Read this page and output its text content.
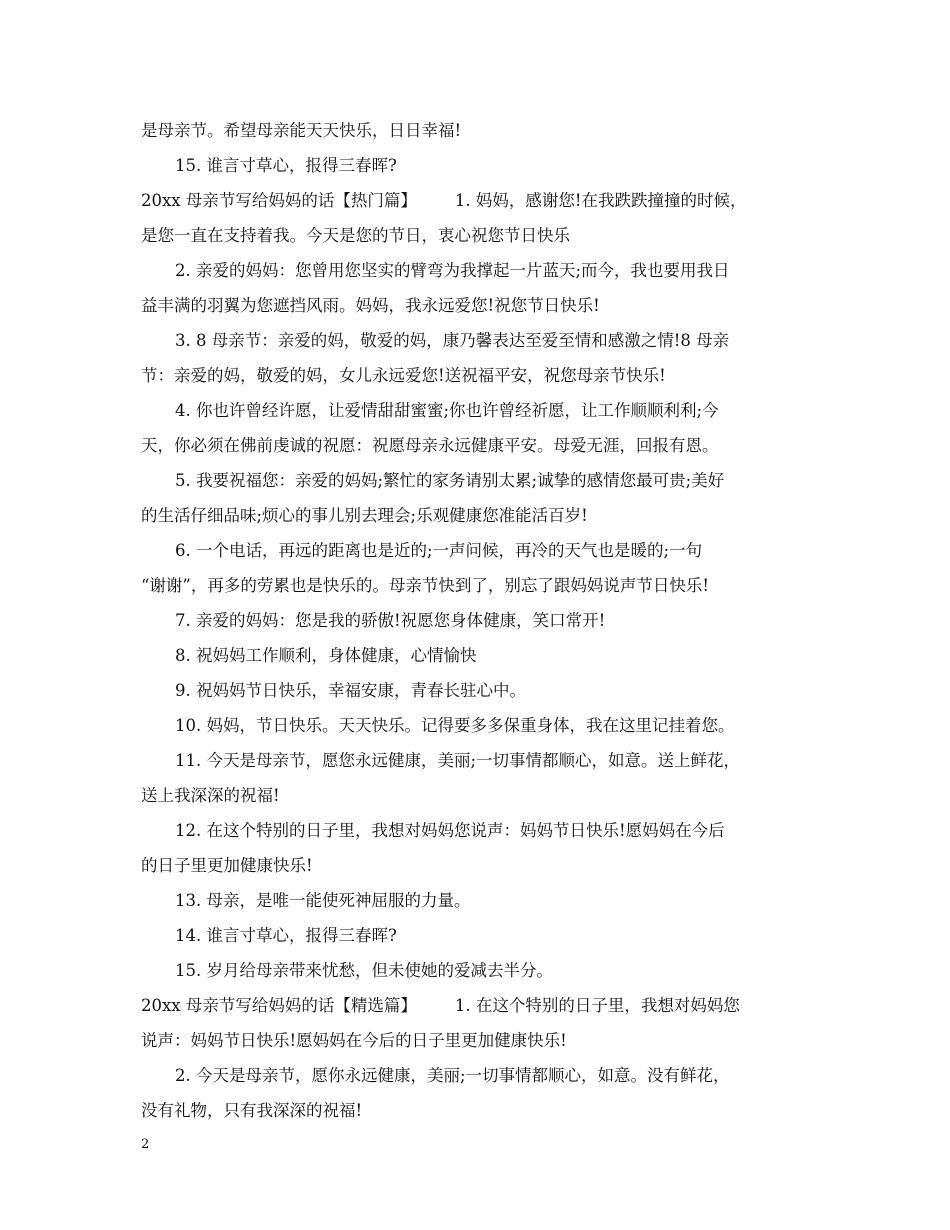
是母亲节。希望母亲能天天快乐，日日幸福!

15. 谁言寸草心，报得三春晖?

20xx 母亲节写给妈妈的话【热门篇】 1. 妈妈，感谢您!在我跌跌撞撞的时候，

是您一直在支持着我。今天是您的节日，衷心祝您节日快乐

2. 亲爱的妈妈：您曾用您坚实的臂弯为我撑起一片蓝天;而今，我也要用我日

益丰满的羽翼为您遮挡风雨。妈妈，我永远爱您!祝您节日快乐!

3. 8 母亲节：亲爱的妈，敬爱的妈，康乃馨表达至爱至情和感激之情!8 母亲

节：亲爱的妈，敬爱的妈，女儿永远爱您!送祝福平安，祝您母亲节快乐!

4. 你也许曾经许愿，让爱情甜甜蜜蜜;你也许曾经祈愿，让工作顺顺利利;今

天，你必须在佛前虔诚的祝愿：祝愿母亲永远健康平安。母爱无涯，回报有恩。

5. 我要祝福您：亲爱的妈妈;繁忙的家务请别太累;诚挚的感情您最可贵;美好

的生活仔细品味;烦心的事儿别去理会;乐观健康您准能活百岁!

6. 一个电话，再远的距离也是近的;一声问候，再冷的天气也是暖的;一句

“谢谢”，再多的劳累也是快乐的。母亲节快到了，别忘了跟妈妈说声节日快乐!

7. 亲爱的妈妈：您是我的骄傲!祝愿您身体健康，笑口常开!

8. 祝妈妈工作顺利，身体健康，心情愉快

9. 祝妈妈节日快乐，幸福安康，青春长驻心中。

10. 妈妈，节日快乐。天天快乐。记得要多多保重身体，我在这里记挂着您。

11. 今天是母亲节，愿您永远健康，美丽;一切事情都顺心，如意。送上鲜花，

送上我深深的祝福!

12. 在这个特别的日子里，我想对妈妈您说声：妈妈节日快乐!愿妈妈在今后

的日子里更加健康快乐!

13. 母亲，是唯一能使死神屈服的力量。

14. 谁言寸草心，报得三春晖?

15. 岁月给母亲带来忧愁，但未使她的爱减去半分。

20xx 母亲节写给妈妈的话【精选篇】 1. 在这个特别的日子里，我想对妈妈您

说声：妈妈节日快乐!愿妈妈在今后的日子里更加健康快乐!

2. 今天是母亲节，愿你永远健康，美丽;一切事情都顺心，如意。没有鲜花，

没有礼物，只有我深深的祝福!

2
